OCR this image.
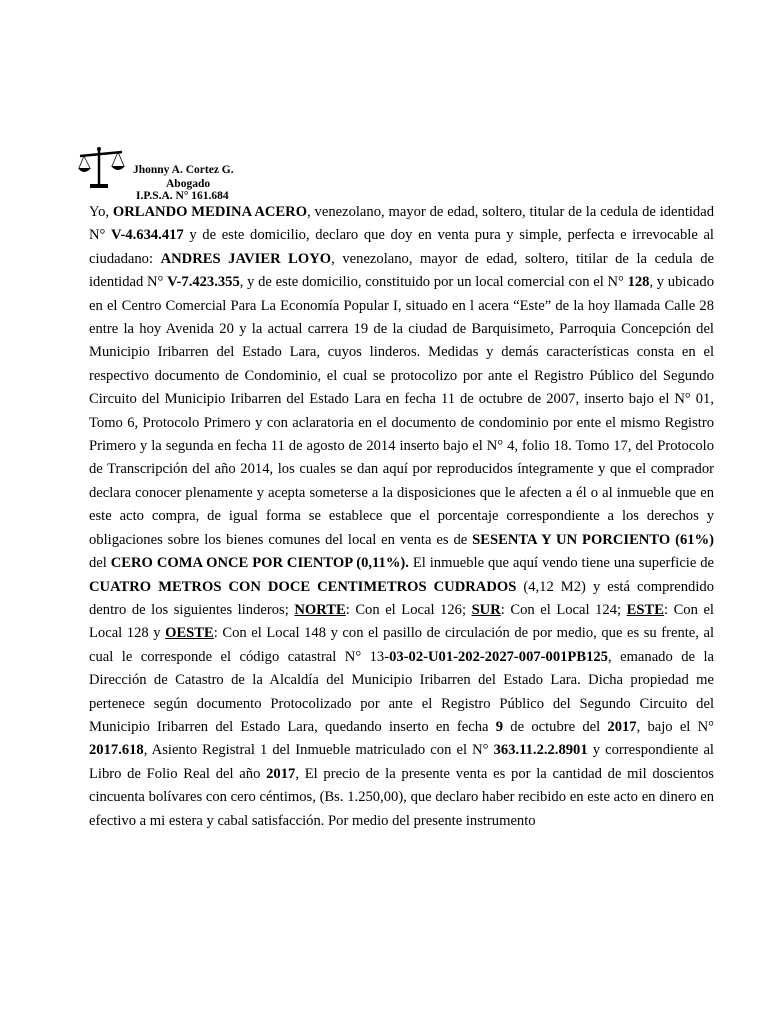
Jhonny A. Cortez G.
Abogado
I.P.S.A. N° 161.684

Yo, ORLANDO MEDINA ACERO, venezolano, mayor de edad, soltero, titular de la cedula de identidad N° V-4.634.417 y de este domicilio, declaro que doy en venta pura y simple, perfecta e irrevocable al ciudadano: ANDRES JAVIER LOYO, venezolano, mayor de edad, soltero, titilar de la cedula de identidad N° V-7.423.355, y de este domicilio, constituido por un local comercial con el N° 128, y ubicado en el Centro Comercial Para La Economía Popular I, situado en l acera “Este” de la hoy llamada Calle 28 entre la hoy Avenida 20 y la actual carrera 19 de la ciudad de Barquisimeto, Parroquia Concepción del Municipio Iribarren del Estado Lara, cuyos linderos. Medidas y demás características consta en el respectivo documento de Condominio, el cual se protocolizo por ante el Registro Público del Segundo Circuito del Municipio Iribarren del Estado Lara en fecha 11 de octubre de 2007, inserto bajo el N° 01, Tomo 6, Protocolo Primero y con aclaratoria en el documento de condominio por ente el mismo Registro Primero y la segunda en fecha 11 de agosto de 2014 inserto bajo el N° 4, folio 18. Tomo 17, del Protocolo de Transcripción del año 2014, los cuales se dan aquí por reproducidos íntegramente y que el comprador declara conocer plenamente y acepta someterse a la disposiciones que le afecten a él o al inmueble que en este acto compra, de igual forma se establece que el porcentaje correspondiente a los derechos y obligaciones sobre los bienes comunes del local en venta es de SESENTA Y UN PORCIENTO (61%) del CERO COMA ONCE POR CIENTOP (0,11%). El inmueble que aquí vendo tiene una superficie de CUATRO METROS CON DOCE CENTIMETROS CUDRADOS (4,12 M2) y está comprendido dentro de los siguientes linderos; NORTE: Con el Local 126; SUR: Con el Local 124; ESTE: Con el Local 128 y OESTE: Con el Local 148 y con el pasillo de circulación de por medio, que es su frente, al cual le corresponde el código catastral N° 13-03-02-U01-202-2027-007-001PB125, emanado de la Dirección de Catastro de la Alcaldía del Municipio Iribarren del Estado Lara. Dicha propiedad me pertenece según documento Protocolizado por ante el Registro Público del Segundo Circuito del Municipio Iribarren del Estado Lara, quedando inserto en fecha 9 de octubre del 2017, bajo el N° 2017.618, Asiento Registral 1 del Inmueble matriculado con el N° 363.11.2.2.8901 y correspondiente al Libro de Folio Real del año 2017, El precio de la presente venta es por la cantidad de mil doscientos cincuenta bolívares con cero céntimos, (Bs. 1.250,00), que declaro haber recibido en este acto en dinero en efectivo a mi estera y cabal satisfacción. Por medio del presente instrumento
